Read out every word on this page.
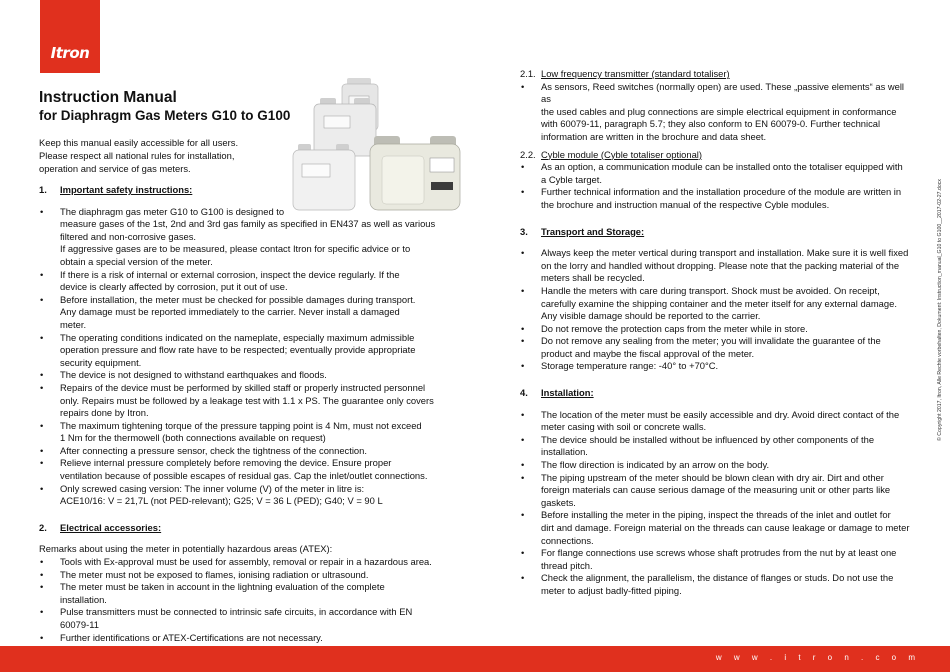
Itron
Instruction Manual
for Diaphragm Gas Meters G10 to G100
Keep this manual easily accessible for all users.
Please respect all national rules for installation,
operation and service of gas meters.
1. Important safety instructions:
• The diaphragm gas meter G10 to G100 is designed to
measure gases of the 1st, 2nd and 3rd gas family as specified in EN437 as well as various
filtered and non-corrosive gases.
If aggressive gases are to be measured, please contact Itron for specific advice or to
obtain a special version of the meter.
• If there is a risk of internal or external corrosion, inspect the device regularly. If the
device is clearly affected by corrosion, put it out of use.
• Before installation, the meter must be checked for possible damages during transport.
Any damage must be reported immediately to the carrier. Never install a damaged
meter.
• The operating conditions indicated on the nameplate, especially maximum admissible
operation pressure and flow rate have to be respected; eventually provide appropriate
security equipment.
• The device is not designed to withstand earthquakes and floods.
• Repairs of the device must be performed by skilled staff or properly instructed personnel
only. Repairs must be followed by a leakage test with 1.1 x PS. The guarantee only covers
repairs done by Itron.
• The maximum tightening torque of the pressure tapping point is 4 Nm, must not exceed
1 Nm for the thermowell (both connections available on request)
• After connecting a pressure sensor, check the tightness of the connection.
• Relieve internal pressure completely before removing the device. Ensure proper
ventilation because of possible escapes of residual gas. Cap the inlet/outlet connections.
• Only screwed casing version: The inner volume (V) of the meter in litre is:
ACE10/16: V = 21,7L (not PED-relevant); G25; V = 36 L (PED); G40; V = 90 L
2. Electrical accessories:
Remarks about using the meter in potentially hazardous areas (ATEX):
• Tools with Ex-approval must be used for assembly, removal or repair in a hazardous area.
• The meter must not be exposed to flames, ionising radiation or ultrasound.
• The meter must be taken in account in the lightning evaluation of the complete
installation.
• Pulse transmitters must be connected to intrinsic safe circuits, in accordance with EN
60079-11
• Further identifications or ATEX-Certifications are not necessary.
2.1. Low frequency transmitter (standard totaliser)
• As sensors, Reed switches (normally open) are used. These „passive elements“ as well as
the used cables and plug connections are simple electrical equipment in conformance
with 60079-11, paragraph 5.7; they also conform to EN 60079-0. Further technical
information are written in the brochure and data sheet.
2.2. Cyble module (Cyble totaliser optional)
• As an option, a communication module can be installed onto the totaliser equipped with
a Cyble target.
• Further technical information and the installation procedure of the module are written in
the brochure and instruction manual of the respective Cyble modules.
3. Transport and Storage:
• Always keep the meter vertical during transport and installation. Make sure it is well fixed
on the lorry and handled without dropping. Please note that the packing material of the
meters shall be recycled.
• Handle the meters with care during transport. Shock must be avoided. On receipt,
carefully examine the shipping container and the meter itself for any external damage.
Any visible damage should be reported to the carrier.
• Do not remove the protection caps from the meter while in store.
• Do not remove any sealing from the meter; you will invalidate the guarantee of the
product and maybe the fiscal approval of the meter.
• Storage temperature range: -40° to +70°C.
4. Installation:
• The location of the meter must be easily accessible and dry. Avoid direct contact of the
meter casing with soil or concrete walls.
• The device should be installed without be influenced by other components of the
installation.
• The flow direction is indicated by an arrow on the body.
• The piping upstream of the meter should be blown clean with dry air. Dirt and other
foreign materials can cause serious damage of the measuring unit or other parts like
gaskets.
• Before installing the meter in the piping, inspect the threads of the inlet and outlet for
dirt and damage. Foreign material on the threads can cause leakage or damage to meter
connections.
• For flange connections use screws whose shaft protrudes from the nut by at least one
thread pitch.
• Check the alignment, the parallelism, the distance of flanges or studs. Do not use the
meter to adjust badly-fitted piping.
© Copyright 2017, Itron, Alle Rechte vorbehalten, Dokument: Instruction_manual_G10 to G100__2017-02-27.docx
w w w . i t r o n . c o m
